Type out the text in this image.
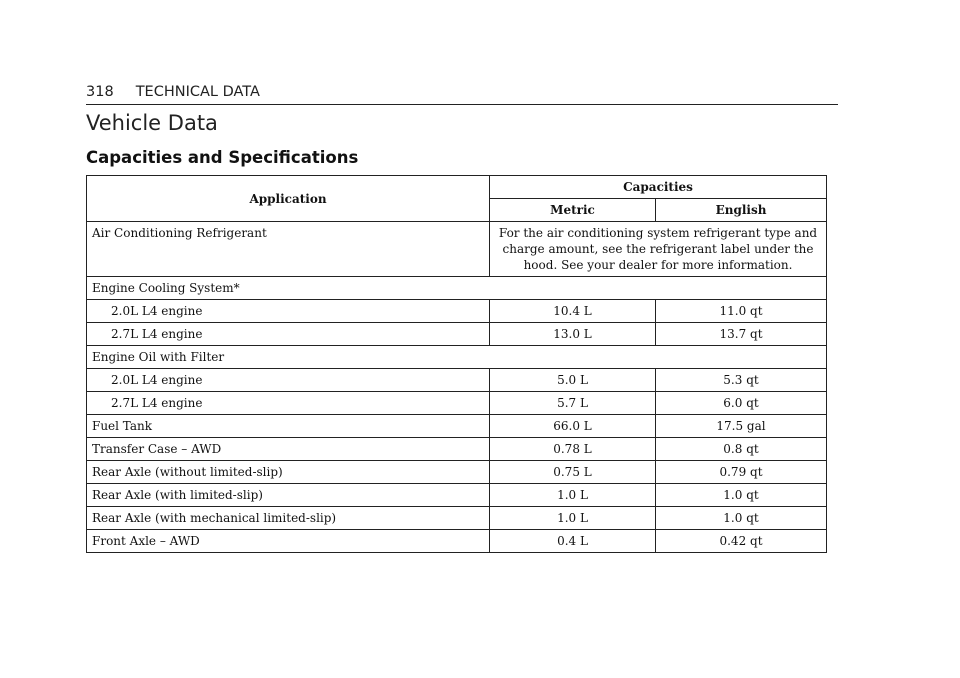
318 TECHNICAL DATA
Vehicle Data
Capacities and Specifications
Application	Capacities	
	Metric	English
Air Conditioning Refrigerant	For the air conditioning system refrigerant type and charge amount, see the refrigerant label under the hood. See your dealer for more information.	
Engine Cooling System*		
2.0L L4 engine	10.4 L	11.0 qt
2.7L L4 engine	13.0 L	13.7 qt
Engine Oil with Filter		
2.0L L4 engine	5.0 L	5.3 qt
2.7L L4 engine	5.7 L	6.0 qt
Fuel Tank	66.0 L	17.5 gal
Transfer Case – AWD	0.78 L	0.8 qt
Rear Axle (without limited-slip)	0.75 L	0.79 qt
Rear Axle (with limited-slip)	1.0 L	1.0 qt
Rear Axle (with mechanical limited-slip)	1.0 L	1.0 qt
Front Axle – AWD	0.4 L	0.42 qt
